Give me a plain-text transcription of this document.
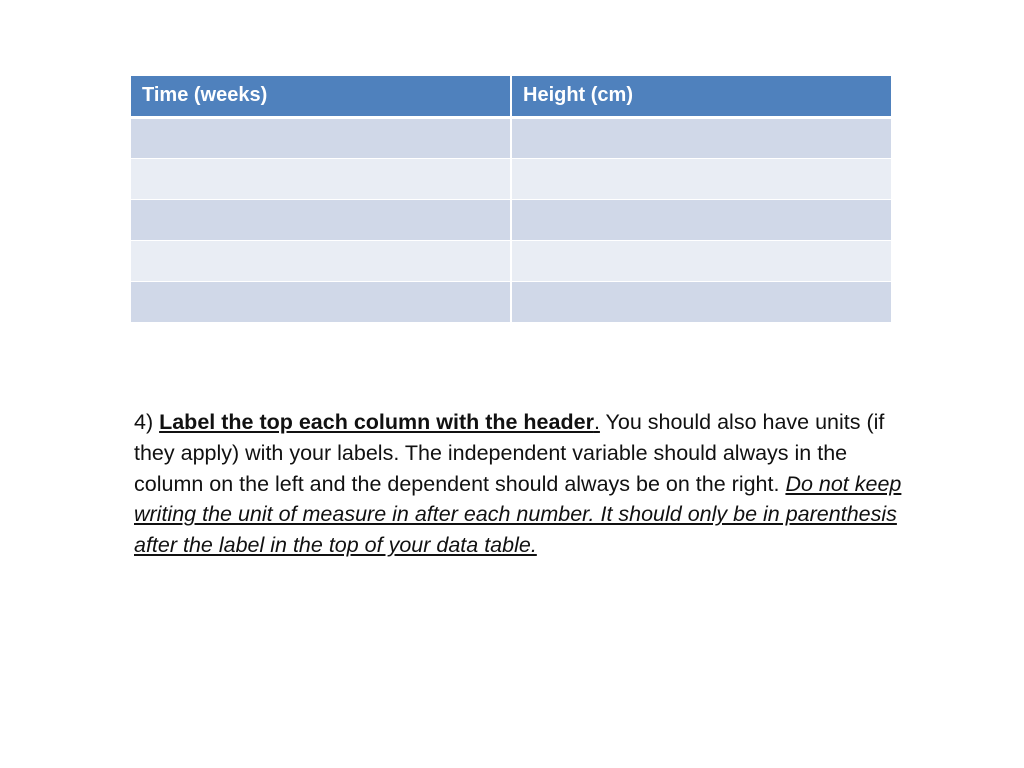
Time (weeks)	Height (cm)

4) Label the top each column with the header. You should also have units (if they apply) with your labels. The independent variable should always in the column on the left and the dependent should always be on the right. Do not keep writing the unit of measure in after each number. It should only be in parenthesis after the label in the top of your data table.
